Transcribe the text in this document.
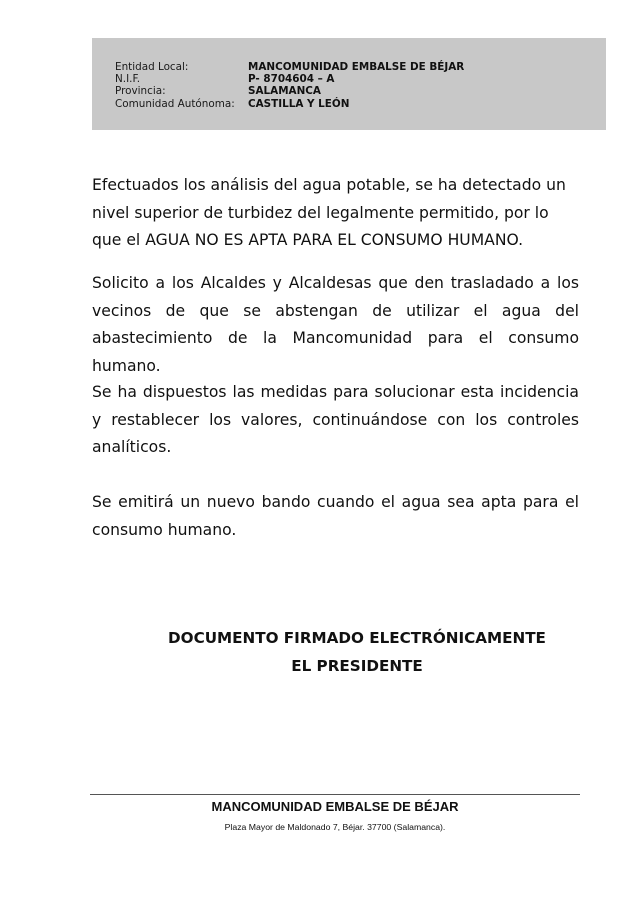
Entidad Local:	MANCOMUNIDAD EMBALSE DE BÉJAR
N.I.F.	P- 8704604 – A
Provincia:	SALAMANCA
Comunidad Autónoma:	CASTILLA Y LEÓN

Efectuados los análisis del agua potable, se ha detectado un nivel superior de turbidez del legalmente permitido, por lo que el AGUA NO ES APTA PARA EL CONSUMO HUMANO.

Solicito a los Alcaldes y Alcaldesas que den trasladado a los vecinos de que se abstengan de utilizar el agua del abastecimiento de la Mancomunidad para el consumo humano.

Se ha dispuestos las medidas para solucionar esta incidencia y restablecer los valores, continuándose con los controles analíticos.

Se emitirá un nuevo bando cuando el agua sea apta para el consumo humano.

DOCUMENTO FIRMADO ELECTRÓNICAMENTE
EL PRESIDENTE
MANCOMUNIDAD EMBALSE DE BÉJAR
Plaza Mayor de Maldonado 7, Béjar. 37700 (Salamanca).
